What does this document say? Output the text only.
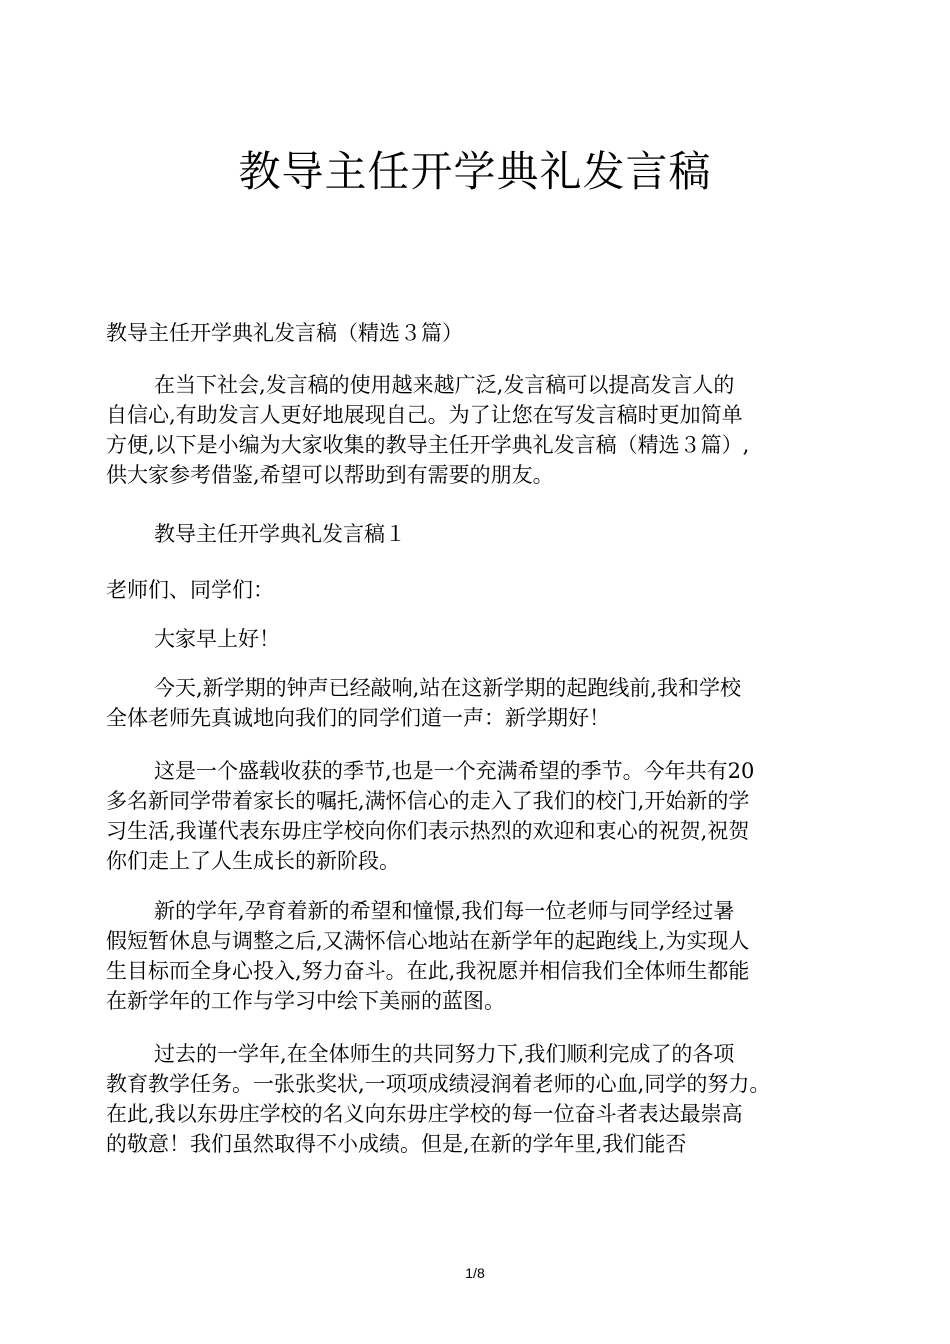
教导主任开学典礼发言稿

教导主任开学典礼发言稿（精选３篇）

在当下社会,发言稿的使用越来越广泛,发言稿可以提高发言人的
自信心,有助发言人更好地展现自己。为了让您在写发言稿时更加简单
方便,以下是小编为大家收集的教导主任开学典礼发言稿（精选３篇）,
供大家参考借鉴,希望可以帮助到有需要的朋友。

教导主任开学典礼发言稿１

老师们、同学们：

大家早上好！

今天,新学期的钟声已经敲响,站在这新学期的起跑线前,我和学校
全体老师先真诚地向我们的同学们道一声：新学期好！

这是一个盛载收获的季节,也是一个充满希望的季节。今年共有20
多名新同学带着家长的嘱托,满怀信心的走入了我们的校门,开始新的学
习生活,我谨代表东毋庄学校向你们表示热烈的欢迎和衷心的祝贺,祝贺
你们走上了人生成长的新阶段。

新的学年,孕育着新的希望和憧憬,我们每一位老师与同学经过暑
假短暂休息与调整之后,又满怀信心地站在新学年的起跑线上,为实现人
生目标而全身心投入,努力奋斗。在此,我祝愿并相信我们全体师生都能
在新学年的工作与学习中绘下美丽的蓝图。

过去的一学年,在全体师生的共同努力下,我们顺利完成了的各项
教育教学任务。一张张奖状,一项项成绩浸润着老师的心血,同学的努力。
在此,我以东毋庄学校的名义向东毋庄学校的每一位奋斗者表达最崇高
的敬意！我们虽然取得不小成绩。但是,在新的学年里,我们能否

1/8
